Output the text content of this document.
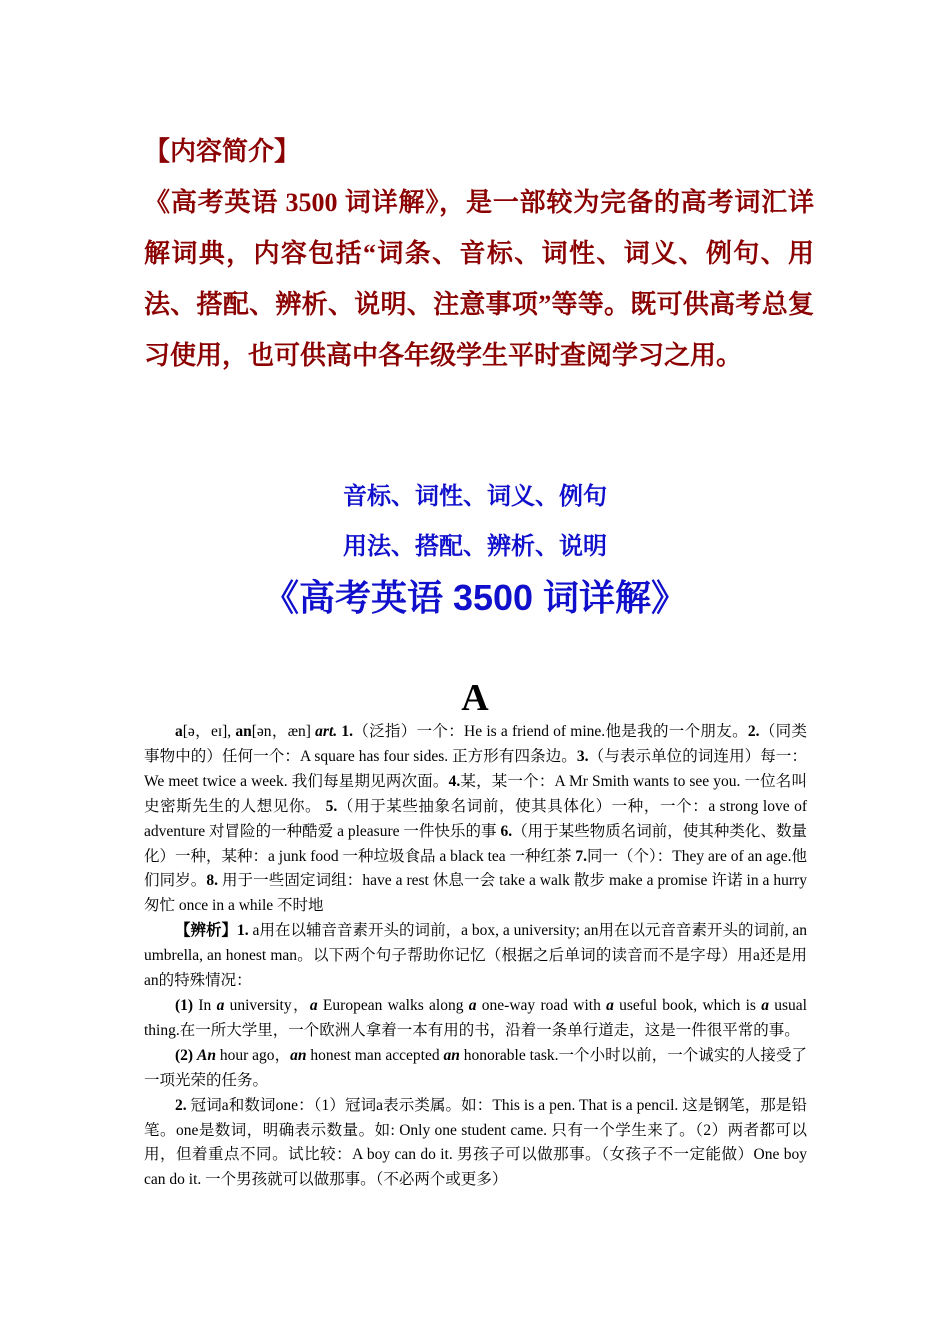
【内容简介】
《高考英语 3500 词详解》，是一部较为完备的高考词汇详解词典，内容包括“词条、音标、词性、词义、例句、用法、搭配、辨析、说明、注意事项”等等。既可供高考总复习使用，也可供高中各年级学生平时查阅学习之用。
音标、词性、词义、例句
用法、搭配、辨析、说明
《高考英语 3500 词详解》
A

a[ə，eɪ], an[ən，æn] art. 1.（泛指）一个：He is a friend of mine.他是我的一个朋友。2.（同类事物中的）任何一个：A square has four sides. 正方形有四条边。3.（与表示单位的词连用）每一：We meet twice a week. 我们每星期见两次面。4.某，某一个：A Mr Smith wants to see you. 一位名叫史密斯先生的人想见你。 5.（用于某些抽象名词前，使其具体化）一种，一个：a strong love of adventure 对冒险的一种酷爱 a pleasure 一件快乐的事 6.（用于某些物质名词前，使其种类化、数量化）一种，某种：a junk food 一种垃圾食品 a black tea 一种红茶 7.同一（个）：They are of an age.他们同岁。8. 用于一些固定词组：have a rest 休息一会 take a walk 散步 make a promise 许诺 in a hurry 匆忙 once in a while 不时地

【辨析】1. a用在以辅音音素开头的词前，a box, a university; an用在以元音音素开头的词前, an umbrella, an honest man。以下两个句子帮助你记忆（根据之后单词的读音而不是字母）用a还是用an的特殊情况：

(1) In a university，a European walks along a one-way road with a useful book, which is a usual thing.在一所大学里，一个欧洲人拿着一本有用的书，沿着一条单行道走，这是一件很平常的事。

(2) An hour ago，an honest man accepted an honorable task.一个小时以前，一个诚实的人接受了一项光荣的任务。

2. 冠词a和数词one：（1）冠词a表示类属。如：This is a pen. That is a pencil. 这是钢笔，那是铅笔。one是数词，明确表示数量。如: Only one student came. 只有一个学生来了。（2）两者都可以用，但着重点不同。试比较：A boy can do it. 男孩子可以做那事。（女孩子不一定能做）One boy can do it. 一个男孩就可以做那事。（不必两个或更多）
